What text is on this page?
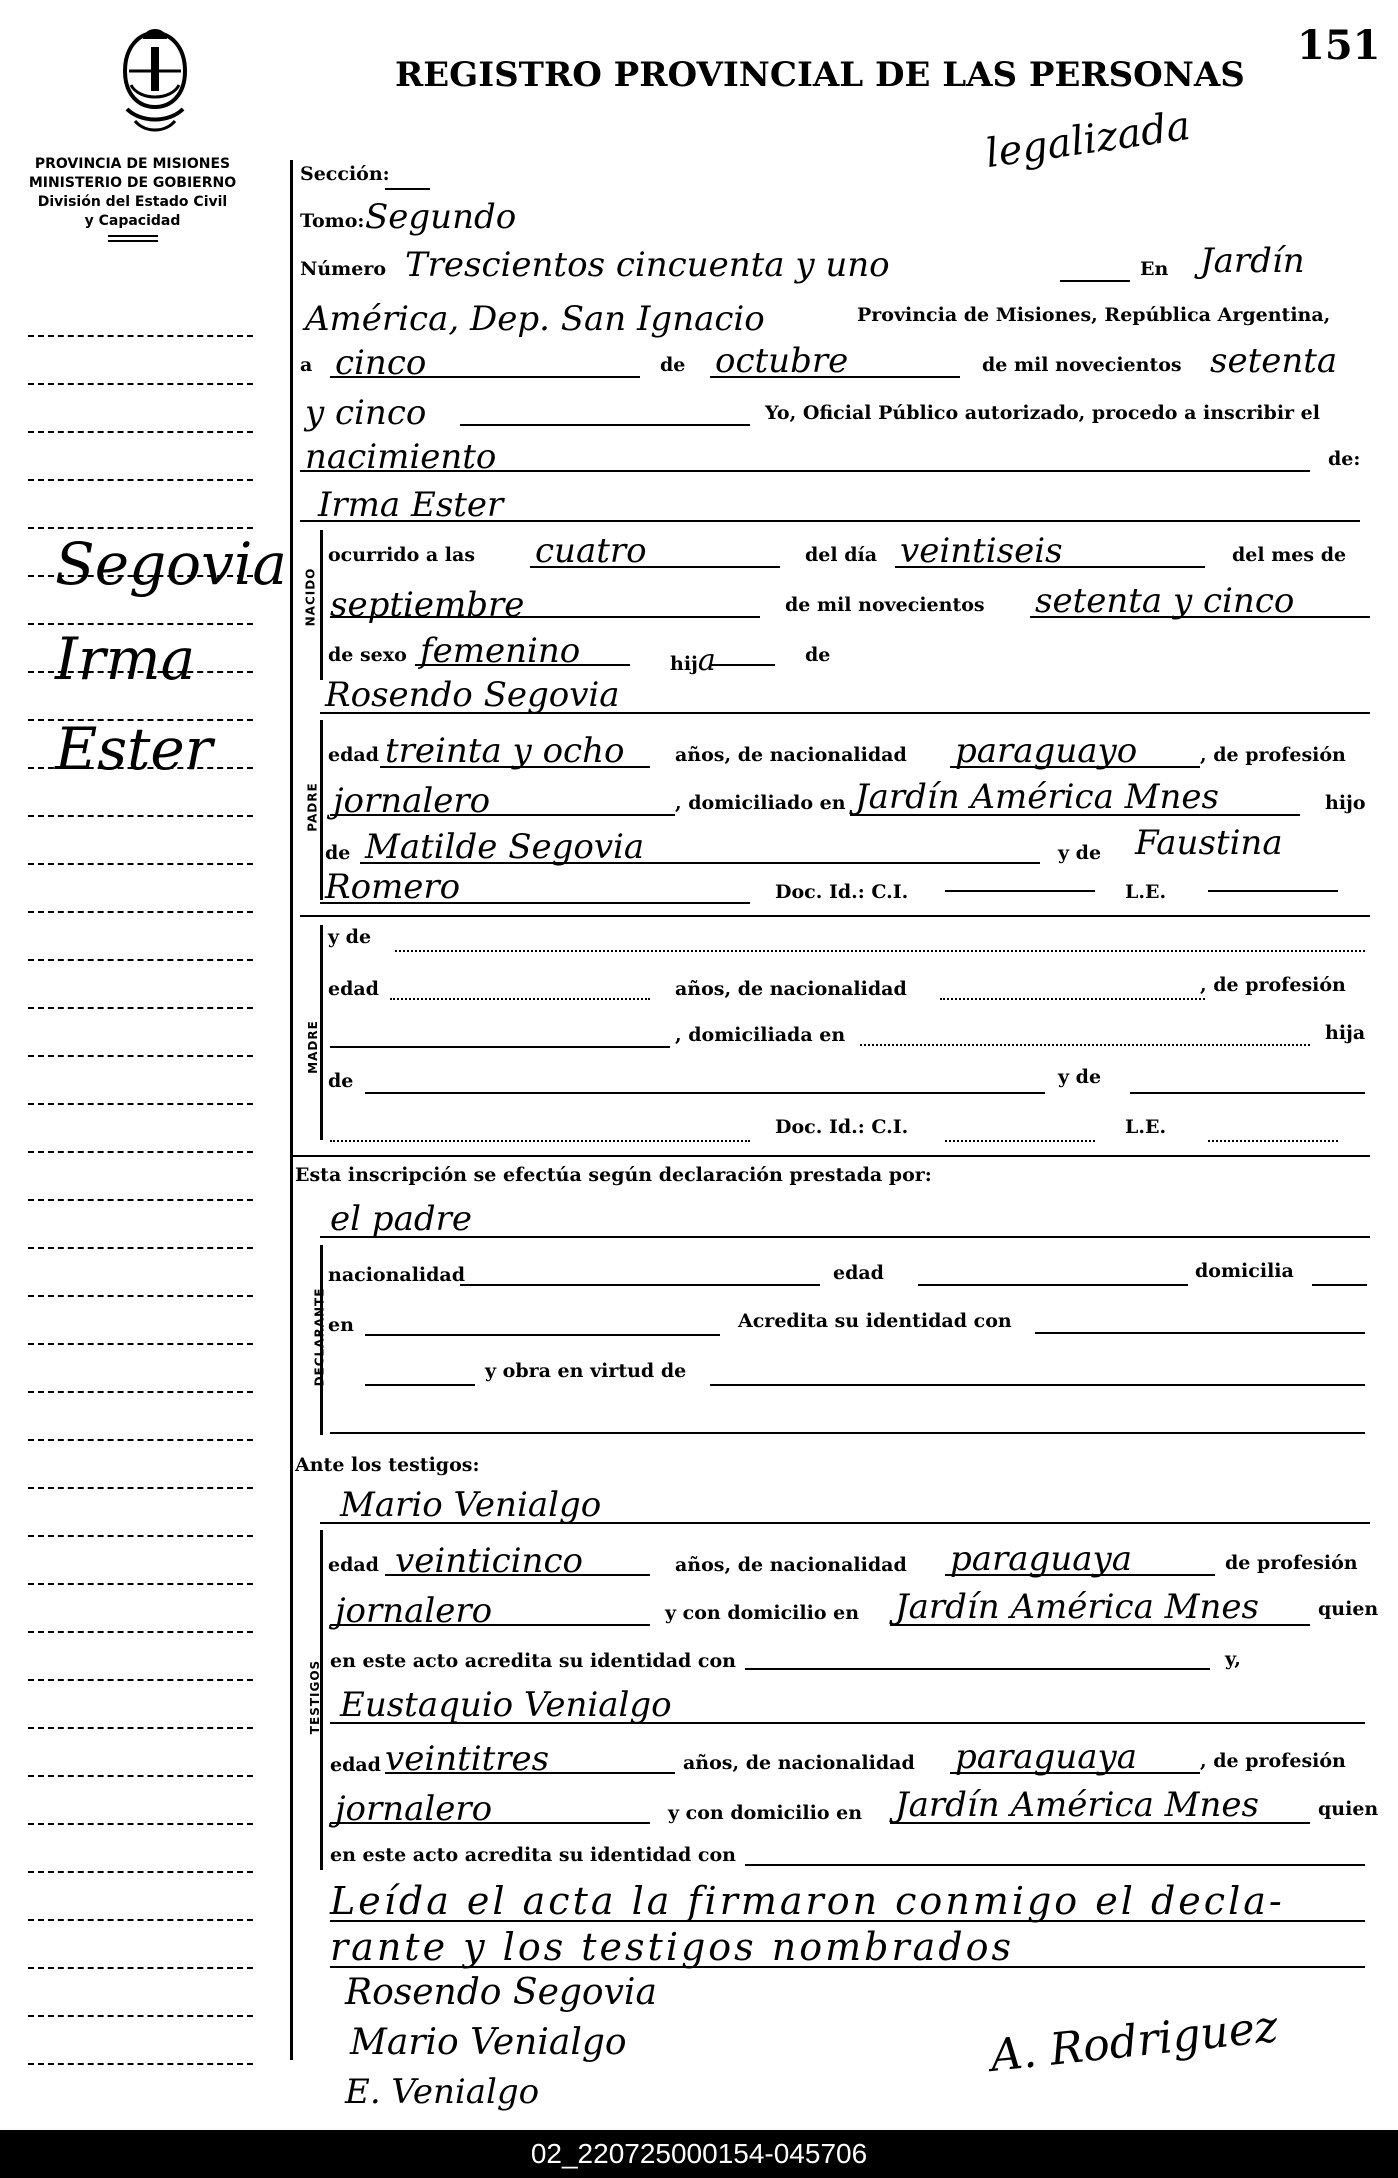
REGISTRO PROVINCIAL DE LAS PERSONAS
151
legalizada
PROVINCIA DE MISIONES
MINISTERIO DE GOBIERNO
División del Estado Civil
y Capacidad
Segovia
Irma
Ester
Sección:
Tomo: Segundo
Número Trescientos cincuenta y uno	En Jardín
América, Dep. San Ignacio	Provincia de Misiones, República Argentina,
a cinco	de octubre	de mil novecientos setenta
y cinco	Yo, Oficial Público autorizado, procedo a inscribir el
nacimiento	de:
Irma Ester
NACIDO
ocurrido a las cuatro	del día veintiseis	del mes de
septiembre	de mil novecientos setenta y cinco
de sexo femenino	hija	de
Rosendo Segovia
PADRE
edad treinta y ocho	años, de nacionalidad paraguayo	, de profesión
jornalero	, domiciliado en Jardín América Mnes	hijo
de Matilde Segovia	y de Faustina
Romero	Doc. Id.: C.I.	L.E.
MADRE
y de
edad	años, de nacionalidad	, de profesión
, domiciliada en	hija
de	y de
Doc. Id.: C.I.	L.E.
Esta inscripción se efectúa según declaración prestada por:
el padre
DECLARANTE
nacionalidad	edad	domicilia
en	Acredita su identidad con
y obra en virtud de
Ante los testigos:
Mario Venialgo
TESTIGOS
edad veinticinco	años, de nacionalidad paraguaya	de profesión
jornalero	y con domicilio en Jardín América Mnes	quien
en este acto acredita su identidad con	y,
Eustaquio Venialgo
edad veintitres	años, de nacionalidad paraguaya	, de profesión
jornalero	y con domicilio en Jardín América Mnes	quien
en este acto acredita su identidad con
Leída el acta la firmaron conmigo el decla-
rante y los testigos nombrados
Rosendo Segovia
Mario Venialgo
E. Venialgo
A. Rodriguez
02_220725000154-045706
